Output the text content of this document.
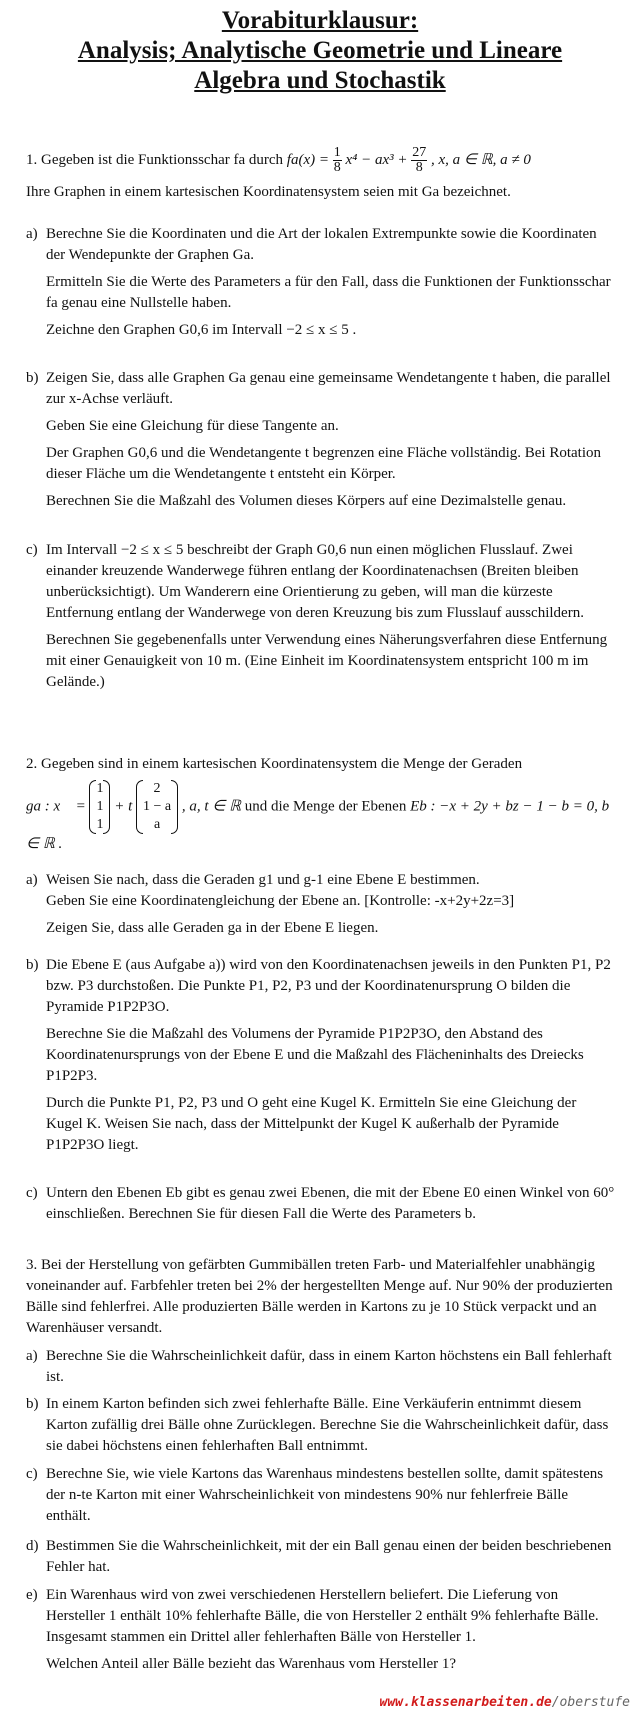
Vorabiturklausur:

Analysis; Analytische Geometrie und Lineare

Algebra und Stochastik

1. Gegeben ist die Funktionsschar fa durch $fa(x) = \frac{1}{8} x^4 - ax^3 + \frac{27}{8}$ , x, a ∈ ℝ, a ≠ 0
Ihre Graphen in einem kartesischen Koordinatensystem seien mit Ga bezeichnet.
a) Berechne Sie die Koordinaten und die Art der lokalen Extrempunkte sowie die Koordinaten der Wendepunkte der Graphen Ga.

Ermitteln Sie die Werte des Parameters a für den Fall, dass die Funktionen der Funktionsschar fa genau eine Nullstelle haben.

Zeichne den Graphen G0,6 im Intervall −2 ≤ x ≤ 5 .

b) Zeigen Sie, dass alle Graphen Ga genau eine gemeinsame Wendetangente t haben, die parallel zur x-Achse verläuft.

Geben Sie eine Gleichung für diese Tangente an.

Der Graphen G0,6 und die Wendetangente t begrenzen eine Fläche vollständig. Bei Rotation dieser Fläche um die Wendetangente t entsteht ein Körper.

Berechnen Sie die Maßzahl des Volumen dieses Körpers auf eine Dezimalstelle genau.

c) Im Intervall −2 ≤ x ≤ 5 beschreibt der Graph G0,6 nun einen möglichen Flusslauf. Zwei einander kreuzende Wanderwege führen entlang der Koordinatenachsen (Breiten bleiben unberücksichtigt). Um Wanderern eine Orientierung zu geben, will man die kürzeste Entfernung entlang der Wanderwege von deren Kreuzung bis zum Flusslauf ausschildern.

Berechnen Sie gegebenenfalls unter Verwendung eines Näherungsverfahren diese Entfernung mit einer Genauigkeit von 10 m. (Eine Einheit im Koordinatensystem entspricht 100 m im Gelände.)

2. Gegeben sind in einem kartesischen Koordinatensystem die Menge der Geraden
ga : x⃗ =
1
1
1
+ t
2
1 − a
a
, a, t ∈ ℝ und die Menge der Ebenen Eb : −x + 2y + bz − 1 − b = 0, b ∈ ℝ .
a) Weisen Sie nach, dass die Geraden g1 und g-1 eine Ebene E bestimmen.

Geben Sie eine Koordinatengleichung der Ebene an. [Kontrolle: -x+2y+2z=3]

Zeigen Sie, dass alle Geraden ga in der Ebene E liegen.

b) Die Ebene E (aus Aufgabe a)) wird von den Koordinatenachsen jeweils in den Punkten P1, P2 bzw. P3 durchstoßen. Die Punkte P1, P2, P3 und der Koordinatenursprung O bilden die Pyramide P1P2P3O.

Berechne Sie die Maßzahl des Volumens der Pyramide P1P2P3O, den Abstand des Koordinatenursprungs von der Ebene E und die Maßzahl des Flächeninhalts des Dreiecks P1P2P3.

Durch die Punkte P1, P2, P3 und O geht eine Kugel K. Ermitteln Sie eine Gleichung der Kugel K. Weisen Sie nach, dass der Mittelpunkt der Kugel K außerhalb der Pyramide P1P2P3O liegt.

c) Untern den Ebenen Eb gibt es genau zwei Ebenen, die mit der Ebene E0 einen Winkel von 60° einschließen. Berechnen Sie für diesen Fall die Werte des Parameters b.

3. Bei der Herstellung von gefärbten Gummibällen treten Farb- und Materialfehler unabhängig voneinander auf. Farbfehler treten bei 2% der hergestellten Menge auf. Nur 90% der produzierten Bälle sind fehlerfrei. Alle produzierten Bälle werden in Kartons zu je 10 Stück verpackt und an Warenhäuser versandt.
a) Berechne Sie die Wahrscheinlichkeit dafür, dass in einem Karton höchstens ein Ball fehlerhaft ist.

b) In einem Karton befinden sich zwei fehlerhafte Bälle. Eine Verkäuferin entnimmt diesem Karton zufällig drei Bälle ohne Zurücklegen. Berechne Sie die Wahrscheinlichkeit dafür, dass sie dabei höchstens einen fehlerhaften Ball entnimmt.

c) Berechne Sie, wie viele Kartons das Warenhaus mindestens bestellen sollte, damit spätestens der n-te Karton mit einer Wahrscheinlichkeit von mindestens 90% nur fehlerfreie Bälle enthält.

d) Bestimmen Sie die Wahrscheinlichkeit, mit der ein Ball genau einen der beiden beschriebenen Fehler hat.

e) Ein Warenhaus wird von zwei verschiedenen Herstellern beliefert. Die Lieferung von Hersteller 1 enthält 10% fehlerhafte Bälle, die von Hersteller 2 enthält 9% fehlerhafte Bälle. Insgesamt stammen ein Drittel aller fehlerhaften Bälle von Hersteller 1.

Welchen Anteil aller Bälle bezieht das Warenhaus vom Hersteller 1?

www.klassenarbeiten.de/oberstufe
